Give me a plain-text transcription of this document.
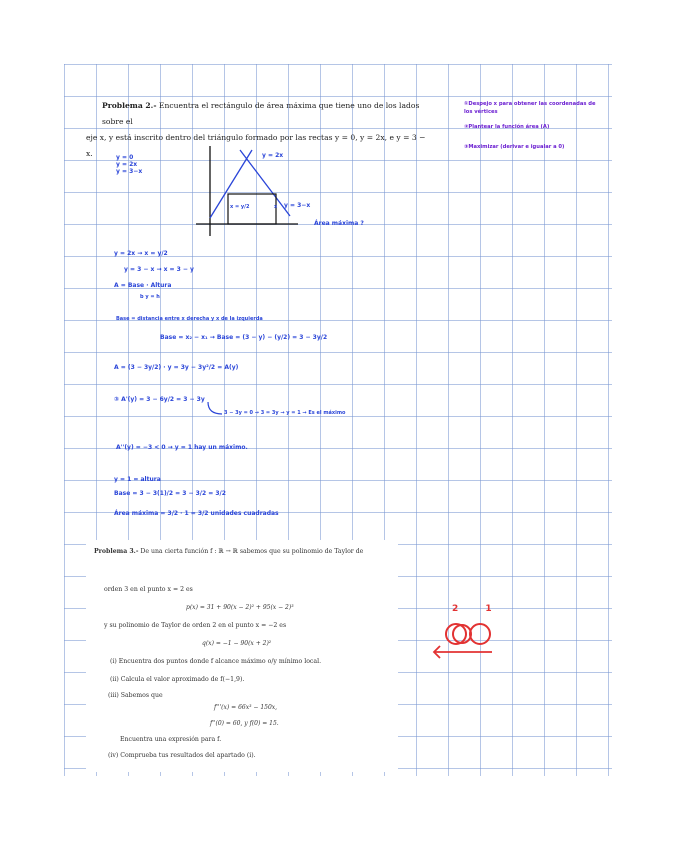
Problema 2.- Encuentra el rectángulo de área máxima que tiene uno de los lados sobre el
eje x, y está inscrito dentro del triángulo formado por las rectas y = 0, y = 2x, e y = 3 − x.
①Despejo x para obtener las coordenadas de los vértices
②Plantear la función área (A)
③Maximizar (derivar e igualar a 0)
y = 0
y = 2x
y = 3−x
y = 2x
y = 3−x
x = y/2	x
Área máxima ?
y = 2x → x = y/2
y = 3 − x → x = 3 − y
A = Base · Altura
b y = h
Base = distancia entre x derecha y x de la izquierda
Base = x₂ − x₁ → Base = (3 − y) − (y/2) = 3 − 3y/2
A = (3 − 3y/2) · y = 3y − 3y²/2 = A(y)
③ A'(y) = 3 − 6y/2 = 3 − 3y
3 − 3y = 0 → 3 = 3y → y = 1 → Es el máximo
A''(y) = −3 < 0 → y = 1 hay un máximo.
y = 1 = altura
Base = 3 − 3(1)/2 = 3 − 3/2 = 3/2
Área máxima = 3/2 · 1 = 3/2 unidades cuadradas
Problema 3.- De una cierta función f : ℝ → ℝ sabemos que su polinomio de Taylor de
orden 3 en el punto x = 2 es
p(x) = 31 + 90(x − 2)² + 95(x − 2)³
y su polinomio de Taylor de orden 2 en el punto x = −2 es
q(x) = −1 − 90(x + 2)²
(i) Encuentra dos puntos donde f alcance máximo o/y mínimo local.
(ii) Calcula el valor aproximado de f(−1,9).
(iii) Sabemos que
f'''(x) = 66x³ − 150x,
f''(0) = 60, y f(0) = 15.
Encuentra una expresión para f.
(iv) Comprueba tus resultados del apartado (i).
2 1
